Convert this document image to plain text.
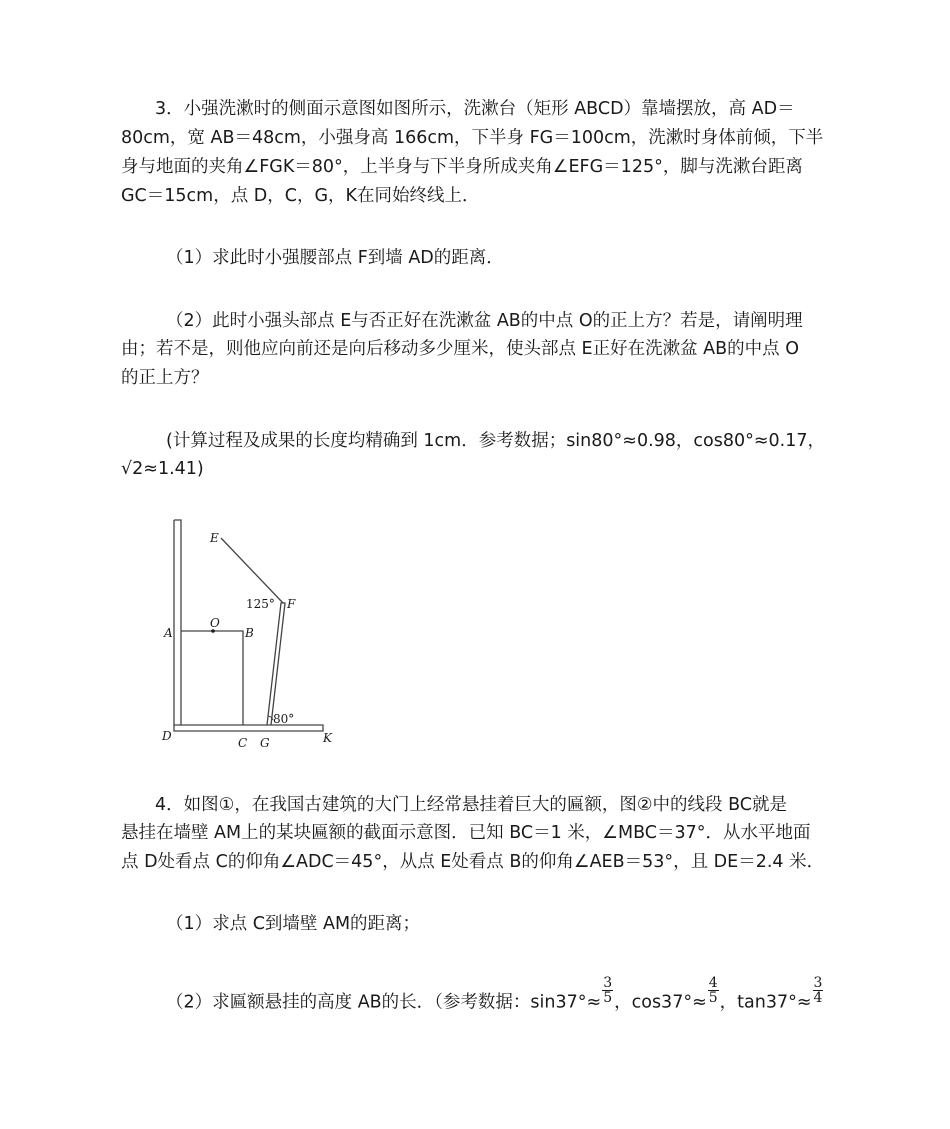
3．小强洗漱时的侧面示意图如图所示，洗漱台（矩形 ABCD）靠墙摆放，高 AD＝
80cm，宽 AB＝48cm，小强身高 166cm，下半身 FG＝100cm，洗漱时身体前倾，下半
身与地面的夹角∠FGK＝80°，上半身与下半身所成夹角∠EFG＝125°，脚与洗漱台距离
GC＝15cm，点 D，C，G，K在同始终线上．
（1）求此时小强腰部点 F到墙 AD的距离．
（2）此时小强头部点 E与否正好在洗漱盆 AB的中点 O的正上方？若是，请阐明理
由；若不是，则他应向前还是向后移动多少厘米，使头部点 E正好在洗漱盆 AB的中点 O
的正上方？
(计算过程及成果的长度均精确到 1cm．参考数据；sin80°≈0.98，cos80°≈0.17，
√2≈1.41)
E
125° F
O
A	B
80°
D	C G	K
4．如图①，在我国古建筑的大门上经常悬挂着巨大的匾额，图②中的线段 BC就是
悬挂在墙壁 AM上的某块匾额的截面示意图．已知 BC＝1 米，∠MBC＝37°．从水平地面
点 D处看点 C的仰角∠ADC＝45°，从点 E处看点 B的仰角∠AEB＝53°，且 DE＝2.4 米．
（1）求点 C到墙壁 AM的距离；
（2）求匾额悬挂的高度 AB的长．（参考数据：$\sin 37^\circ\approx \frac{3}{5}$ ，$\cos 37^\circ\approx \frac{4}{5}$ ，$\tan 37^\circ\approx \frac{3}{4}$
